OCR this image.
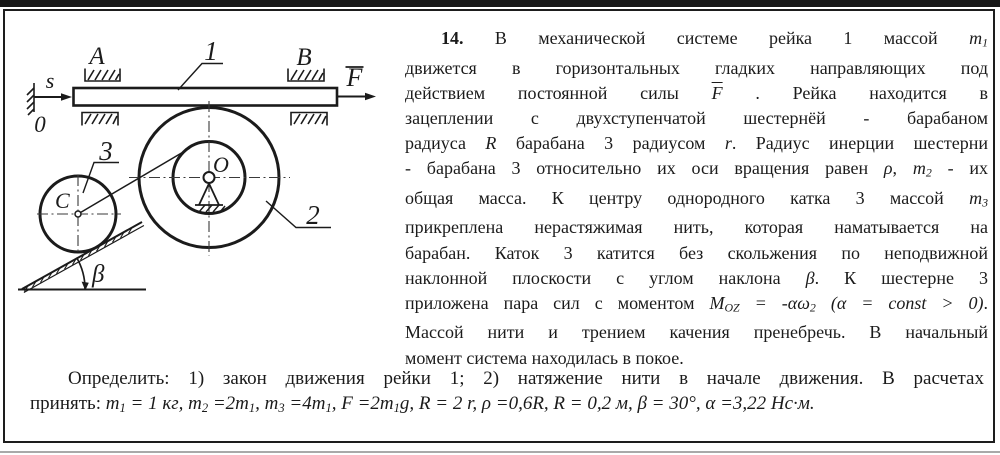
s
0
A	B
1
F
O
2
C
3
β
14. В механической системе рейка 1 массой m1
движется в горизонтальных гладких направляющих под
действием постоянной силы $\overline{F}$ . Рейка находится в
зацеплении с двухступенчатой шестернёй - барабаном
радиуса R барабана 3 радиусом r. Радиус инерции шестерни
- барабана 3 относительно их оси вращения равен ρ, m2 - их
общая масса. К центру однородного катка 3 массой m3
прикреплена нерастяжимая нить, которая наматывается на
барабан. Каток 3 катится без скольжения по неподвижной
наклонной плоскости с углом наклона β. К шестерне 3
приложена пара сил с моментом MOZ = -αω2 (α = const > 0).
Массой нити и трением качения пренебречь. В начальный
момент система находилась в покое.
Определить: 1) закон движения рейки 1; 2) натяжение нити в начале движения. В расчетах
принять: m1 = 1 кг, m2 =2m1, m3 =4m1, F =2m1g, R = 2 r, ρ =0,6R, R = 0,2 м, β = 30°, α =3,22 Нс·м.
